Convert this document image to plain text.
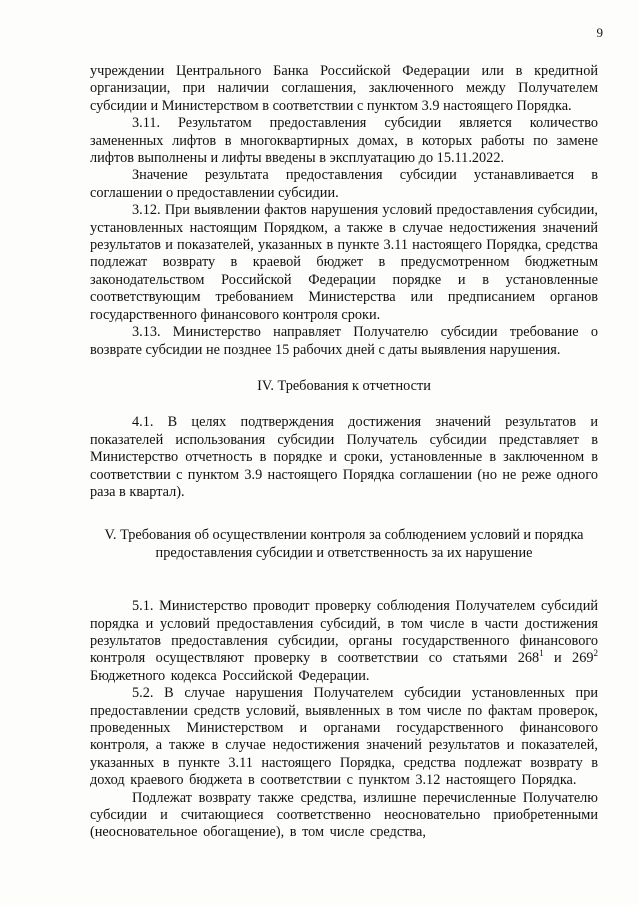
9

учреждении Центрального Банка Российской Федерации или в кредитной организации, при наличии соглашения, заключенного между Получателем субсидии и Министерством в соответствии с пунктом 3.9 настоящего Порядка.

3.11. Результатом предоставления субсидии является количество замененных лифтов в многоквартирных домах, в которых работы по замене лифтов выполнены и лифты введены в эксплуатацию до 15.11.2022.

Значение результата предоставления субсидии устанавливается в соглашении о предоставлении субсидии.

3.12. При выявлении фактов нарушения условий предоставления субсидии, установленных настоящим Порядком, а также в случае недостижения значений результатов и показателей, указанных в пункте 3.11 настоящего Порядка, средства подлежат возврату в краевой бюджет в предусмотренном бюджетным законодательством Российской Федерации порядке и в установленные соответствующим требованием Министерства или предписанием органов государственного финансового контроля сроки.

3.13. Министерство направляет Получателю субсидии требование о возврате субсидии не позднее 15 рабочих дней с даты выявления нарушения.

IV. Требования к отчетности

4.1. В целях подтверждения достижения значений результатов и показателей использования субсидии Получатель субсидии представляет в Министерство отчетность в порядке и сроки, установленные в заключенном в соответствии с пунктом 3.9 настоящего Порядка соглашении (но не реже одного раза в квартал).

V. Требования об осуществлении контроля за соблюдением условий и порядка предоставления субсидии и ответственность за их нарушение

5.1. Министерство проводит проверку соблюдения Получателем субсидий порядка и условий предоставления субсидий, в том числе в части достижения результатов предоставления субсидии, органы государственного финансового контроля осуществляют проверку в соответствии со статьями $268^1$ и $269^2$ Бюджетного кодекса Российской Федерации.

5.2. В случае нарушения Получателем субсидии установленных при предоставлении средств условий, выявленных в том числе по фактам проверок, проведенных Министерством и органами государственного финансового контроля, а также в случае недостижения значений результатов и показателей, указанных в пункте 3.11 настоящего Порядка, средства подлежат возврату в доход краевого бюджета в соответствии с пунктом 3.12 настоящего Порядка.

Подлежат возврату также средства, излишне перечисленные Получателю субсидии и считающиеся соответственно неосновательно приобретенными (неосновательное обогащение), в том числе средства,
